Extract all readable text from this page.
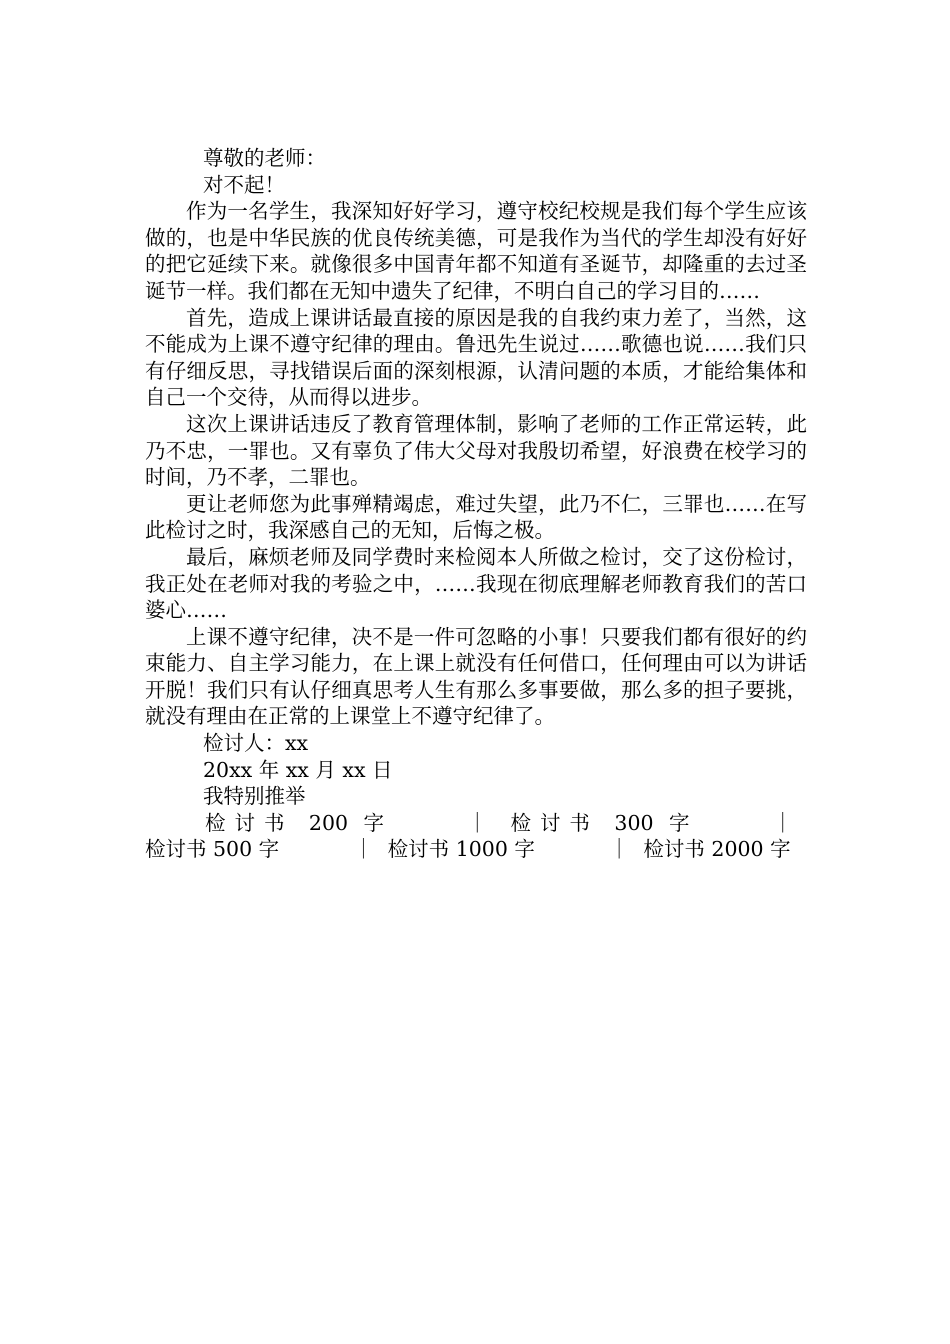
尊敬的老师：

对不起！

作为一名学生，我深知好好学习，遵守校纪校规是我们每个学生应该做的，也是中华民族的优良传统美德，可是我作为当代的学生却没有好好的把它延续下来。就像很多中国青年都不知道有圣诞节，却隆重的去过圣诞节一样。我们都在无知中遗失了纪律，不明白自己的学习目的……

首先，造成上课讲话最直接的原因是我的自我约束力差了，当然，这不能成为上课不遵守纪律的理由。鲁迅先生说过……歌德也说……我们只有仔细反思，寻找错误后面的深刻根源，认清问题的本质，才能给集体和自己一个交待，从而得以进步。

这次上课讲话违反了教育管理体制，影响了老师的工作正常运转，此乃不忠，一罪也。又有辜负了伟大父母对我殷切希望，好浪费在校学习的时间，乃不孝，二罪也。

更让老师您为此事殚精竭虑，难过失望，此乃不仁，三罪也……在写此检讨之时，我深感自己的无知，后悔之极。

最后，麻烦老师及同学费时来检阅本人所做之检讨，交了这份检讨，我正处在老师对我的考验之中，……我现在彻底理解老师教育我们的苦口婆心……

上课不遵守纪律，决不是一件可忽略的小事！只要我们都有很好的约束能力、自主学习能力，在上课上就没有任何借口，任何理由可以为讲话开脱！我们只有认仔细真思考人生有那么多事要做，那么多的担子要挑，就没有理由在正常的上课堂上不遵守纪律了。

检讨人：xx

20xx 年 xx 月 xx 日

我特别推举

检讨书 200 字	｜ 检讨书 300 字	｜检讨书 500 字	｜ 检讨书 1000 字	｜ 检讨书 2000 字
